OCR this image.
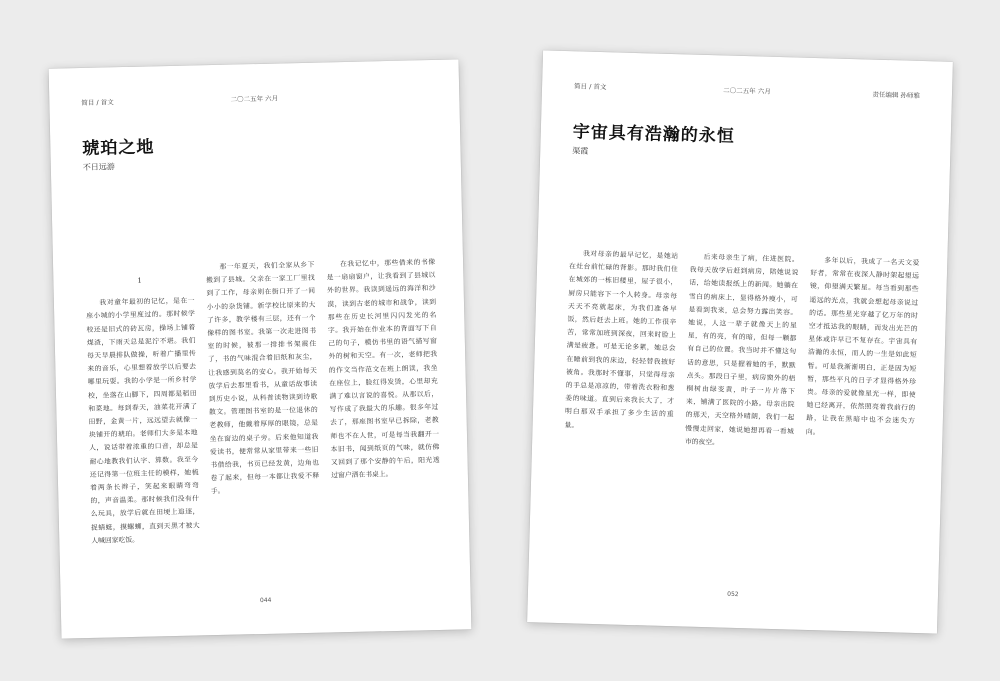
简目 / 首文	二〇二五年 六月
琥珀之地
不日远游
1

我对童年最初的记忆，是在一座小城的小学里度过的。那时候学校还是旧式的砖瓦房，操场上铺着煤渣，下雨天总是泥泞不堪。我们每天早晨排队做操，听着广播里传来的音乐，心里想着放学以后要去哪里玩耍。我的小学是一所乡村学校，坐落在山脚下，四周都是稻田和菜地。每到春天，油菜花开满了田野，金黄一片，远远望去就像一块铺开的琥珀。老师们大多是本地人，说话带着浓重的口音，却总是耐心地教我们认字、算数。我至今还记得第一位班主任的模样，她梳着两条长辫子，笑起来眼睛弯弯的，声音温柔。那时候我们没有什么玩具，放学后就在田埂上追逐，捉蜻蜓，摸螺蛳，直到天黑才被大人喊回家吃饭。

那一年夏天，我们全家从乡下搬到了县城。父亲在一家工厂里找到了工作，母亲则在街口开了一间小小的杂货铺。新学校比原来的大了许多，教学楼有三层，还有一个像样的图书室。我第一次走进图书室的时候，被那一排排书架震住了，书的气味混合着旧纸和灰尘，让我感到莫名的安心。我开始每天放学后去那里看书，从童话故事读到历史小说，从科普读物读到诗歌散文。管理图书室的是一位退休的老教师，他戴着厚厚的眼镜，总是坐在窗边的桌子旁。后来他知道我爱读书，便常常从家里带来一些旧书借给我，书页已经发黄，边角也卷了起来，但每一本都让我爱不释手。

在我记忆中，那些借来的书像是一扇扇窗户，让我看到了县城以外的世界。我读到遥远的海洋和沙漠，读到古老的城市和战争，读到那些在历史长河里闪闪发光的名字。我开始在作业本的背面写下自己的句子，模仿书里的语气描写窗外的树和天空。有一次，老师把我的作文当作范文在班上朗读，我坐在座位上，脸红得发烫，心里却充满了难以言说的喜悦。从那以后，写作成了我最大的乐趣。很多年过去了，那座图书室早已拆除，老教师也不在人世，可是每当我翻开一本旧书，闻到纸页的气味，就仿佛又回到了那个安静的午后，阳光透过窗户洒在书桌上。

044
简目 / 首文	二〇二五年 六月	责任编辑 孙师雅
宇宙具有浩瀚的永恒
渠霞

我对母亲的最早记忆，是她站在灶台前忙碌的背影。那时我们住在城郊的一栋旧楼里，屋子很小，厨房只能容下一个人转身。母亲每天天不亮就起床，为我们准备早饭，然后赶去上班。她的工作很辛苦，常常加班到深夜，回来时脸上满是疲惫。可是无论多累，她总会在睡前到我的床边，轻轻替我掖好被角。我那时不懂事，只觉得母亲的手总是凉凉的，带着洗衣粉和葱姜的味道。直到后来我长大了，才明白那双手承担了多少生活的重量。

后来母亲生了病，住进医院。我每天放学后赶到病房，陪她说说话，给她读报纸上的新闻。她躺在雪白的病床上，显得格外瘦小，可是看到我来，总会努力露出笑容。她说，人这一辈子就像天上的星星，有的亮，有的暗，但每一颗都有自己的位置。我当时并不懂这句话的意思，只是握着她的手，默默点头。那段日子里，病房窗外的梧桐树由绿变黄，叶子一片片落下来，铺满了医院的小路。母亲出院的那天，天空格外晴朗，我们一起慢慢走回家，她说她想再看一看城市的夜空。

多年以后，我成了一名天文爱好者，常常在夜深人静时架起望远镜，仰望满天繁星。每当看到那些遥远的光点，我就会想起母亲说过的话。那些星光穿越了亿万年的时空才抵达我的眼睛，而发出光芒的星体或许早已不复存在。宇宙具有浩瀚的永恒，而人的一生是如此短暂。可是我渐渐明白，正是因为短暂，那些平凡的日子才显得格外珍贵。母亲的爱就像星光一样，即使她已经离开，依然照亮着我前行的路，让我在黑暗中也不会迷失方向。

052
